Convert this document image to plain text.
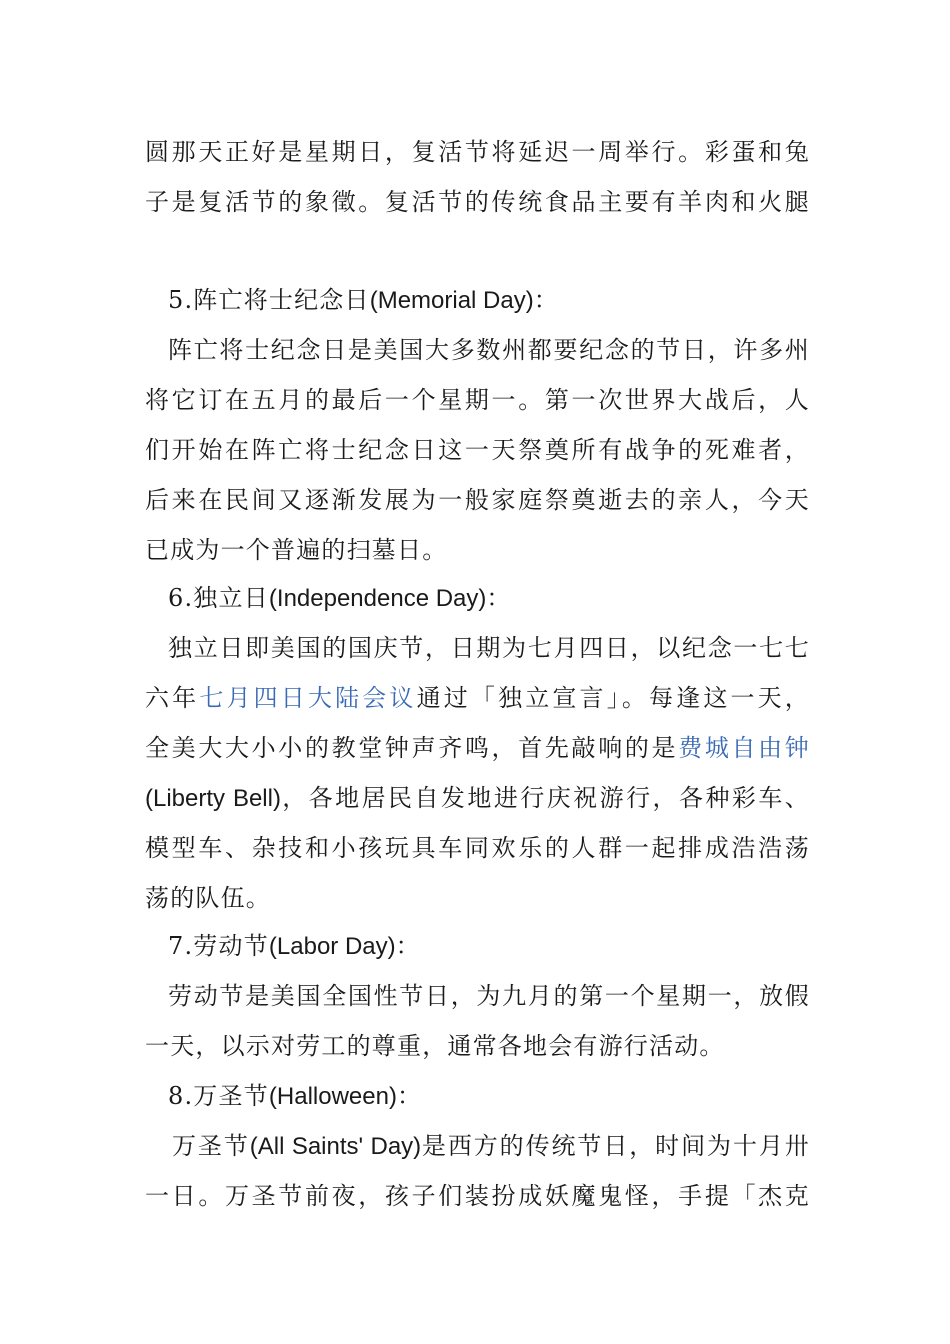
圆那天正好是星期日，复活节将延迟一周举行。彩蛋和兔
子是复活节的象徵。复活节的传统食品主要有羊肉和火腿
5.阵亡将士纪念日(Memorial Day)：
阵亡将士纪念日是美国大多数州都要纪念的节日，许多州
将它订在五月的最后一个星期一。第一次世界大战后，人
们开始在阵亡将士纪念日这一天祭奠所有战争的死难者，
后来在民间又逐渐发展为一般家庭祭奠逝去的亲人，今天
已成为一个普遍的扫墓日。
6.独立日(Independence Day)：
独立日即美国的国庆节，日期为七月四日，以纪念一七七
六年七月四日大陆会议通过「独立宣言」。每逢这一天，
全美大大小小的教堂钟声齐鸣，首先敲响的是费城自由钟
(Liberty Bell)，各地居民自发地进行庆祝游行，各种彩车、
模型车、杂技和小孩玩具车同欢乐的人群一起排成浩浩荡
荡的队伍。
7.劳动节(Labor Day)：
劳动节是美国全国性节日，为九月的第一个星期一，放假
一天，以示对劳工的尊重，通常各地会有游行活动。
8.万圣节(Halloween)：
万圣节(All Saints' Day)是西方的传统节日，时间为十月卅
一日。万圣节前夜，孩子们装扮成妖魔鬼怪，手提「杰克
